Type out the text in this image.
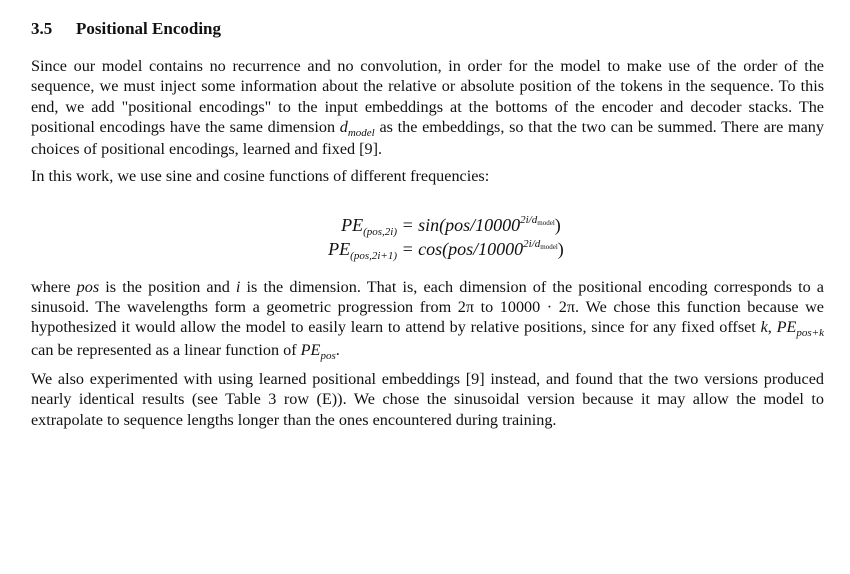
3.5 Positional Encoding

Since our model contains no recurrence and no convolution, in order for the model to make use of the order of the sequence, we must inject some information about the relative or absolute position of the tokens in the sequence. To this end, we add "positional encodings" to the input embeddings at the bottoms of the encoder and decoder stacks. The positional encodings have the same dimension $d_{model}$ as the embeddings, so that the two can be summed. There are many choices of positional encodings, learned and fixed [9].

In this work, we use sine and cosine functions of different frequencies:

$PE_{(pos,2i)} = \sin(pos/10000^{2i/dmodel})$
$PE_{(pos,2i+1)} = \cos(pos/10000^{2i/dmodel})$

where pos is the position and i is the dimension. That is, each dimension of the positional encoding corresponds to a sinusoid. The wavelengths form a geometric progression from 2π to 10000 · 2π. We chose this function because we hypothesized it would allow the model to easily learn to attend by relative positions, since for any fixed offset k, $PE_{pos+k}$ can be represented as a linear function of $PE_{pos}$.

We also experimented with using learned positional embeddings [9] instead, and found that the two versions produced nearly identical results (see Table 3 row (E)). We chose the sinusoidal version because it may allow the model to extrapolate to sequence lengths longer than the ones encountered during training.
